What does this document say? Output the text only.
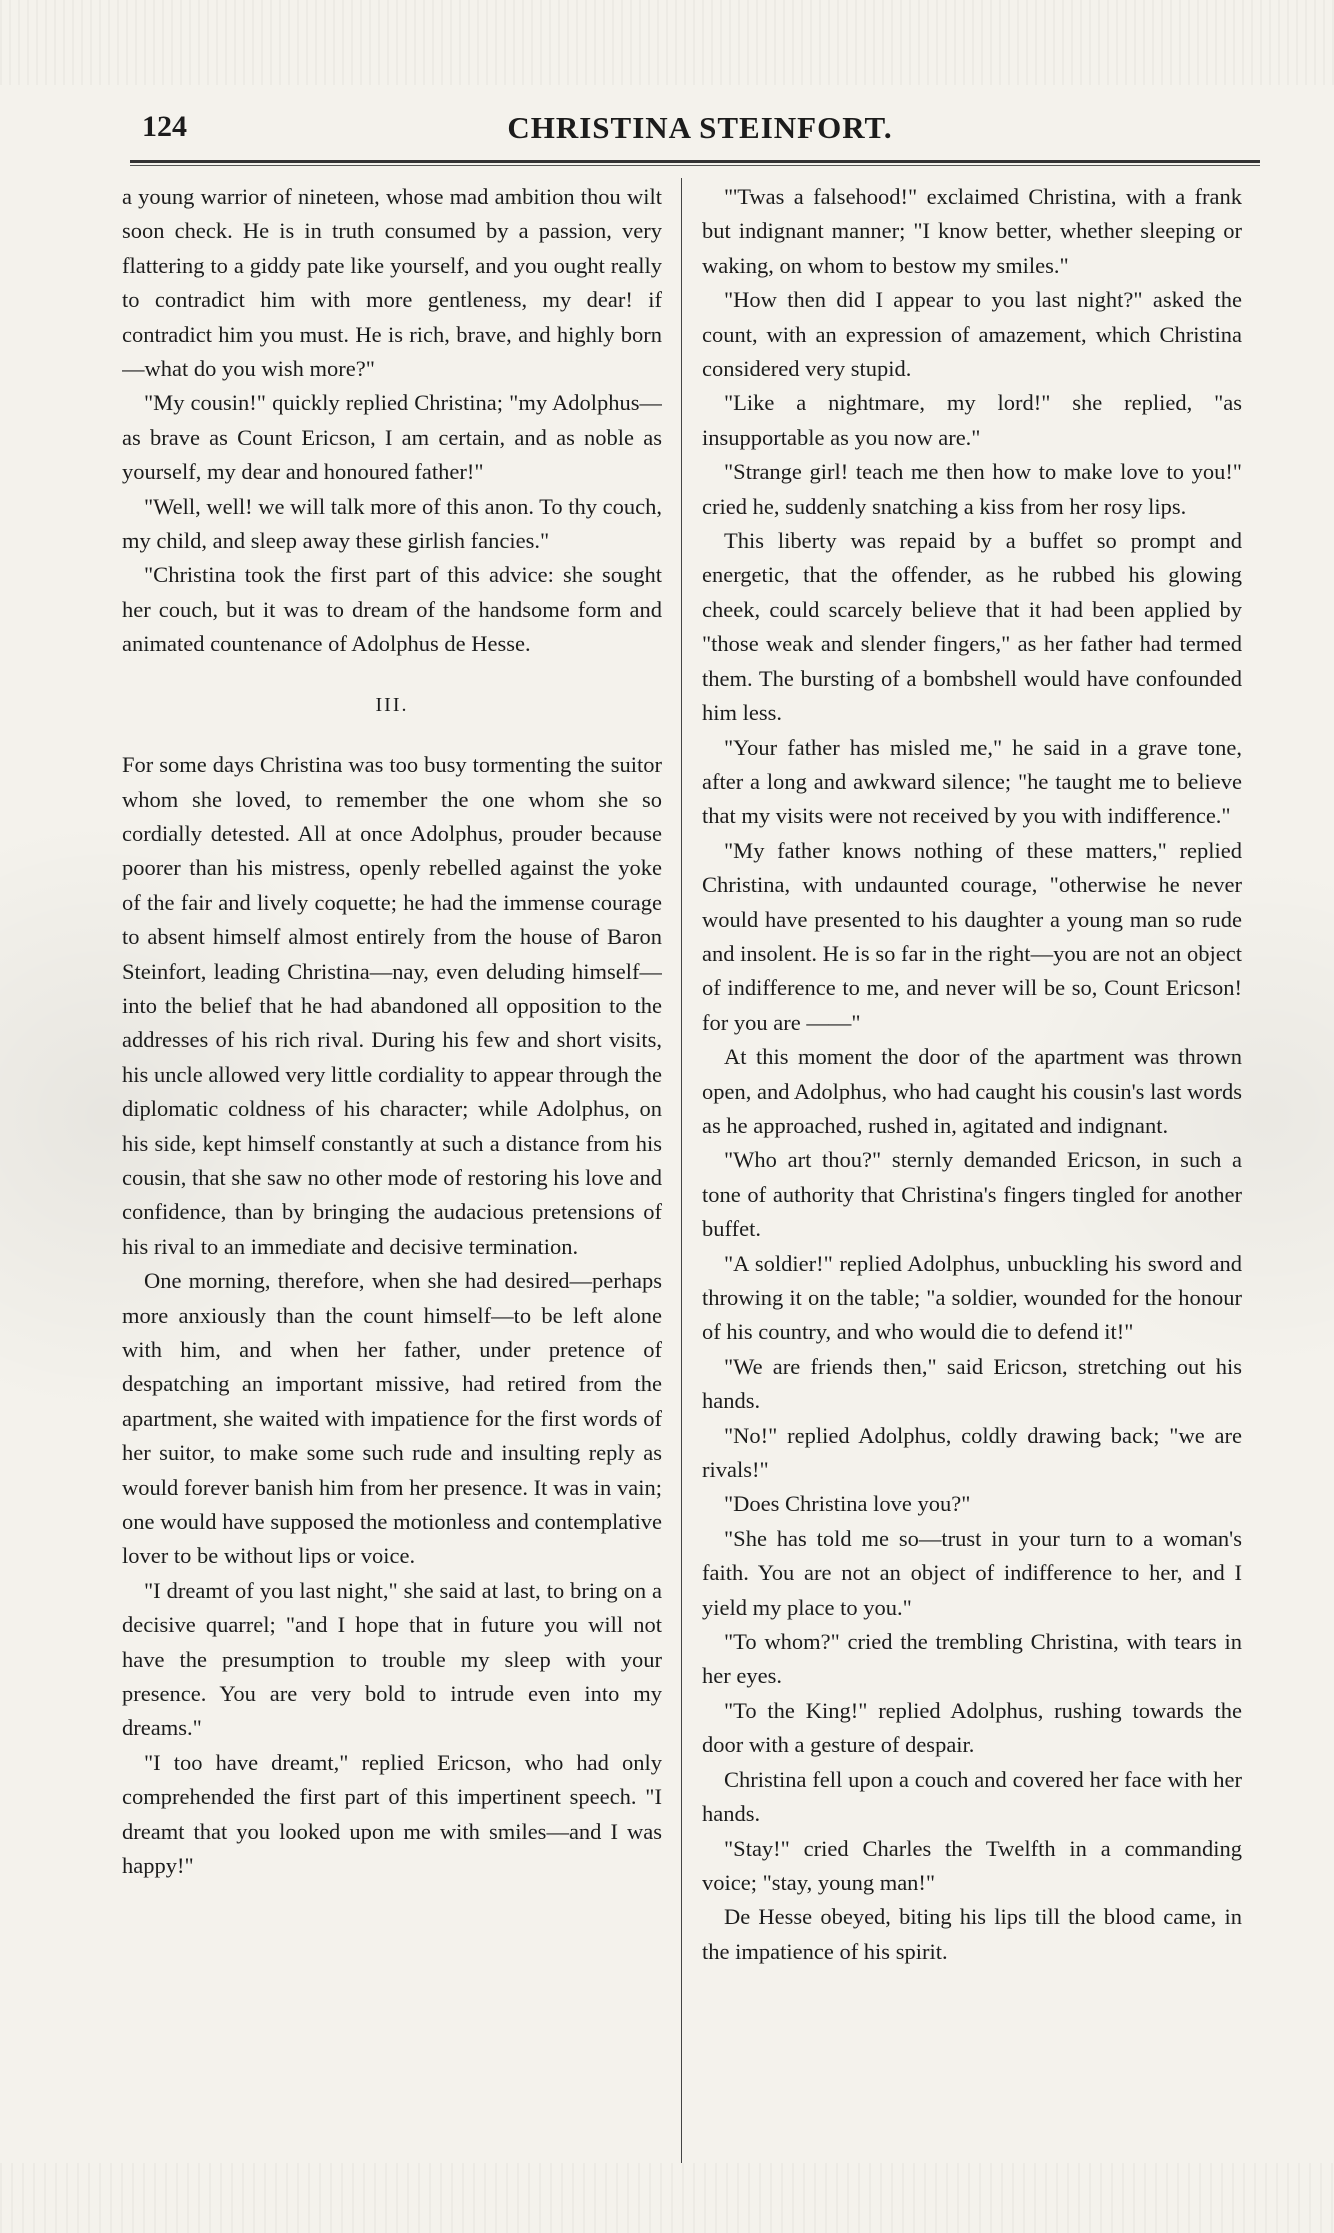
124	CHRISTINA STEINFORT.

a young warrior of nineteen, whose mad ambition thou wilt soon check. He is in truth consumed by a passion, very flattering to a giddy pate like yourself, and you ought really to contradict him with more gentleness, my dear! if contradict him you must. He is rich, brave, and highly born—what do you wish more?"

"My cousin!" quickly replied Christina; "my Adolphus—as brave as Count Ericson, I am certain, and as noble as yourself, my dear and honoured father!"

"Well, well! we will talk more of this anon. To thy couch, my child, and sleep away these girlish fancies."

"Christina took the first part of this advice: she sought her couch, but it was to dream of the handsome form and animated countenance of Adolphus de Hesse.

III.

For some days Christina was too busy tormenting the suitor whom she loved, to remember the one whom she so cordially detested. All at once Adolphus, prouder because poorer than his mistress, openly rebelled against the yoke of the fair and lively coquette; he had the immense courage to absent himself almost entirely from the house of Baron Steinfort, leading Christina—nay, even deluding himself—into the belief that he had abandoned all opposition to the addresses of his rich rival. During his few and short visits, his uncle allowed very little cordiality to appear through the diplomatic coldness of his character; while Adolphus, on his side, kept himself constantly at such a distance from his cousin, that she saw no other mode of restoring his love and confidence, than by bringing the audacious pretensions of his rival to an immediate and decisive termination.

One morning, therefore, when she had desired—perhaps more anxiously than the count himself—to be left alone with him, and when her father, under pretence of despatching an important missive, had retired from the apartment, she waited with impatience for the first words of her suitor, to make some such rude and insulting reply as would forever banish him from her presence. It was in vain; one would have supposed the motionless and contemplative lover to be without lips or voice.

"I dreamt of you last night," she said at last, to bring on a decisive quarrel; "and I hope that in future you will not have the presumption to trouble my sleep with your presence. You are very bold to intrude even into my dreams."

"I too have dreamt," replied Ericson, who had only comprehended the first part of this impertinent speech. "I dreamt that you looked upon me with smiles—and I was happy!"

"'Twas a falsehood!" exclaimed Christina, with a frank but indignant manner; "I know better, whether sleeping or waking, on whom to bestow my smiles."

"How then did I appear to you last night?" asked the count, with an expression of amazement, which Christina considered very stupid.

"Like a nightmare, my lord!" she replied, "as insupportable as you now are."

"Strange girl! teach me then how to make love to you!" cried he, suddenly snatching a kiss from her rosy lips.

This liberty was repaid by a buffet so prompt and energetic, that the offender, as he rubbed his glowing cheek, could scarcely believe that it had been applied by "those weak and slender fingers," as her father had termed them. The bursting of a bombshell would have confounded him less.

"Your father has misled me," he said in a grave tone, after a long and awkward silence; "he taught me to believe that my visits were not received by you with indifference."

"My father knows nothing of these matters," replied Christina, with undaunted courage, "otherwise he never would have presented to his daughter a young man so rude and insolent. He is so far in the right—you are not an object of indifference to me, and never will be so, Count Ericson! for you are ——"

At this moment the door of the apartment was thrown open, and Adolphus, who had caught his cousin's last words as he approached, rushed in, agitated and indignant.

"Who art thou?" sternly demanded Ericson, in such a tone of authority that Christina's fingers tingled for another buffet.

"A soldier!" replied Adolphus, unbuckling his sword and throwing it on the table; "a soldier, wounded for the honour of his country, and who would die to defend it!"

"We are friends then," said Ericson, stretching out his hands.

"No!" replied Adolphus, coldly drawing back; "we are rivals!"

"Does Christina love you?"

"She has told me so—trust in your turn to a woman's faith. You are not an object of indifference to her, and I yield my place to you."

"To whom?" cried the trembling Christina, with tears in her eyes.

"To the King!" replied Adolphus, rushing towards the door with a gesture of despair.

Christina fell upon a couch and covered her face with her hands.

"Stay!" cried Charles the Twelfth in a commanding voice; "stay, young man!"

De Hesse obeyed, biting his lips till the blood came, in the impatience of his spirit.
